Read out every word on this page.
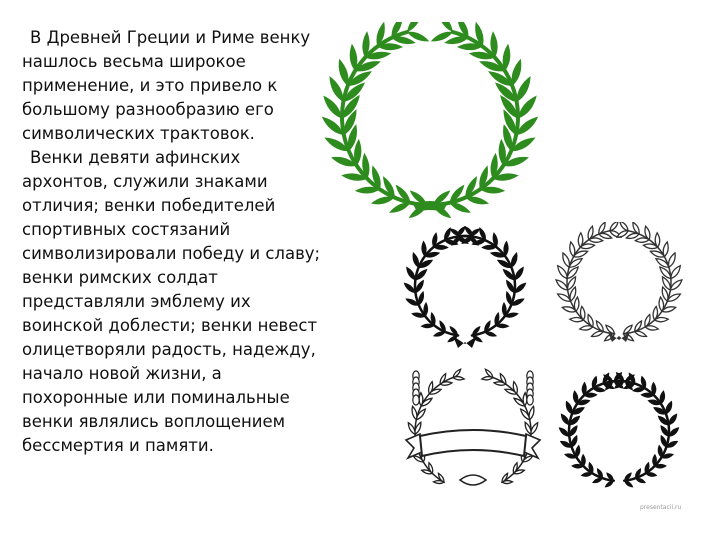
В Древней Греции и Риме венку нашлось весьма широкое применение, и это привело к большому разнообразию его символических трактовок.

Венки девяти афинских архонтов, служили знаками отличия; венки победителей спортивных состязаний символизировали победу и славу; венки римских солдат представляли эмблему их воинской доблести; венки невест олицетворяли радость, надежду, начало новой жизни, а похоронные или поминальные венки являлись воплощением бессмертия и памяти.

presentacii.ru
